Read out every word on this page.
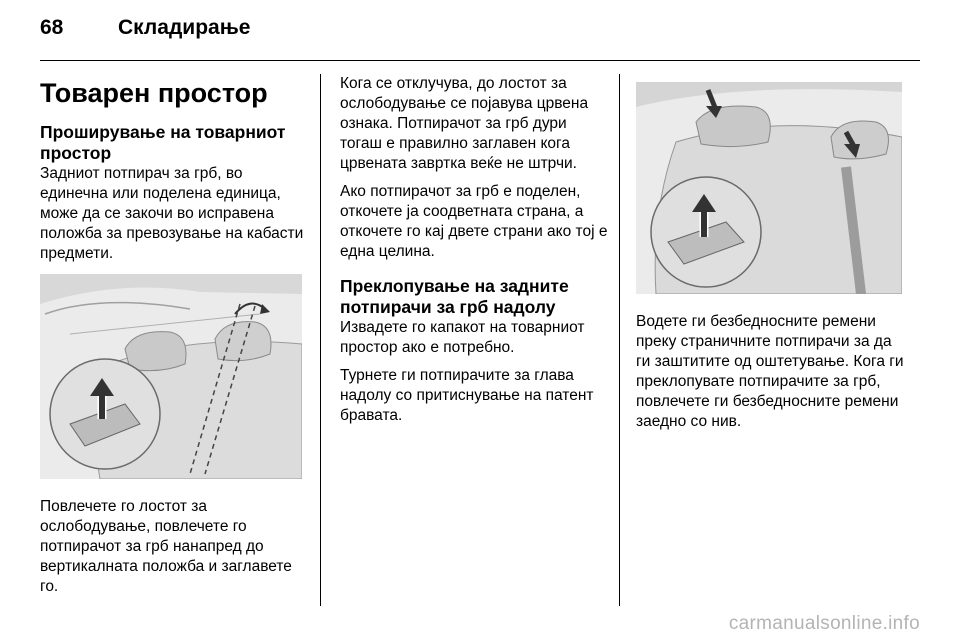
68	Складирање
Товарен простор
Проширување на товарниот простор

Задниот потпирач за грб, во единечна или поделена единица, може да се закочи во исправена положба за превозување на кабасти предмети.

Повлечете го лостот за ослободување, повлечете го потпирачот за грб нанапред до вертикалната положба и заглавете го.

Кога се отклучува, до лостот за ослободување се појавува црвена ознака. Потпирачот за грб дури тогаш е правилно заглавен кога црвената завртка веќе не штрчи.

Ако потпирачот за грб е поделен, откочете ја соодветната страна, а откочете го кај двете страни ако тој е една целина.

Преклопување на задните потпирачи за грб надолу

Извадете го капакот на товарниот простор ако е потребно.

Турнете ги потпирачите за глава надолу со притиснување на патент бравата.

Водете ги безбедносните ремени преку страничните потпирачи за да ги заштитите од оштетување. Кога ги преклопувате потпирачите за грб, повлечете ги безбедносните ремени заедно со нив.

carmanualsonline.info
